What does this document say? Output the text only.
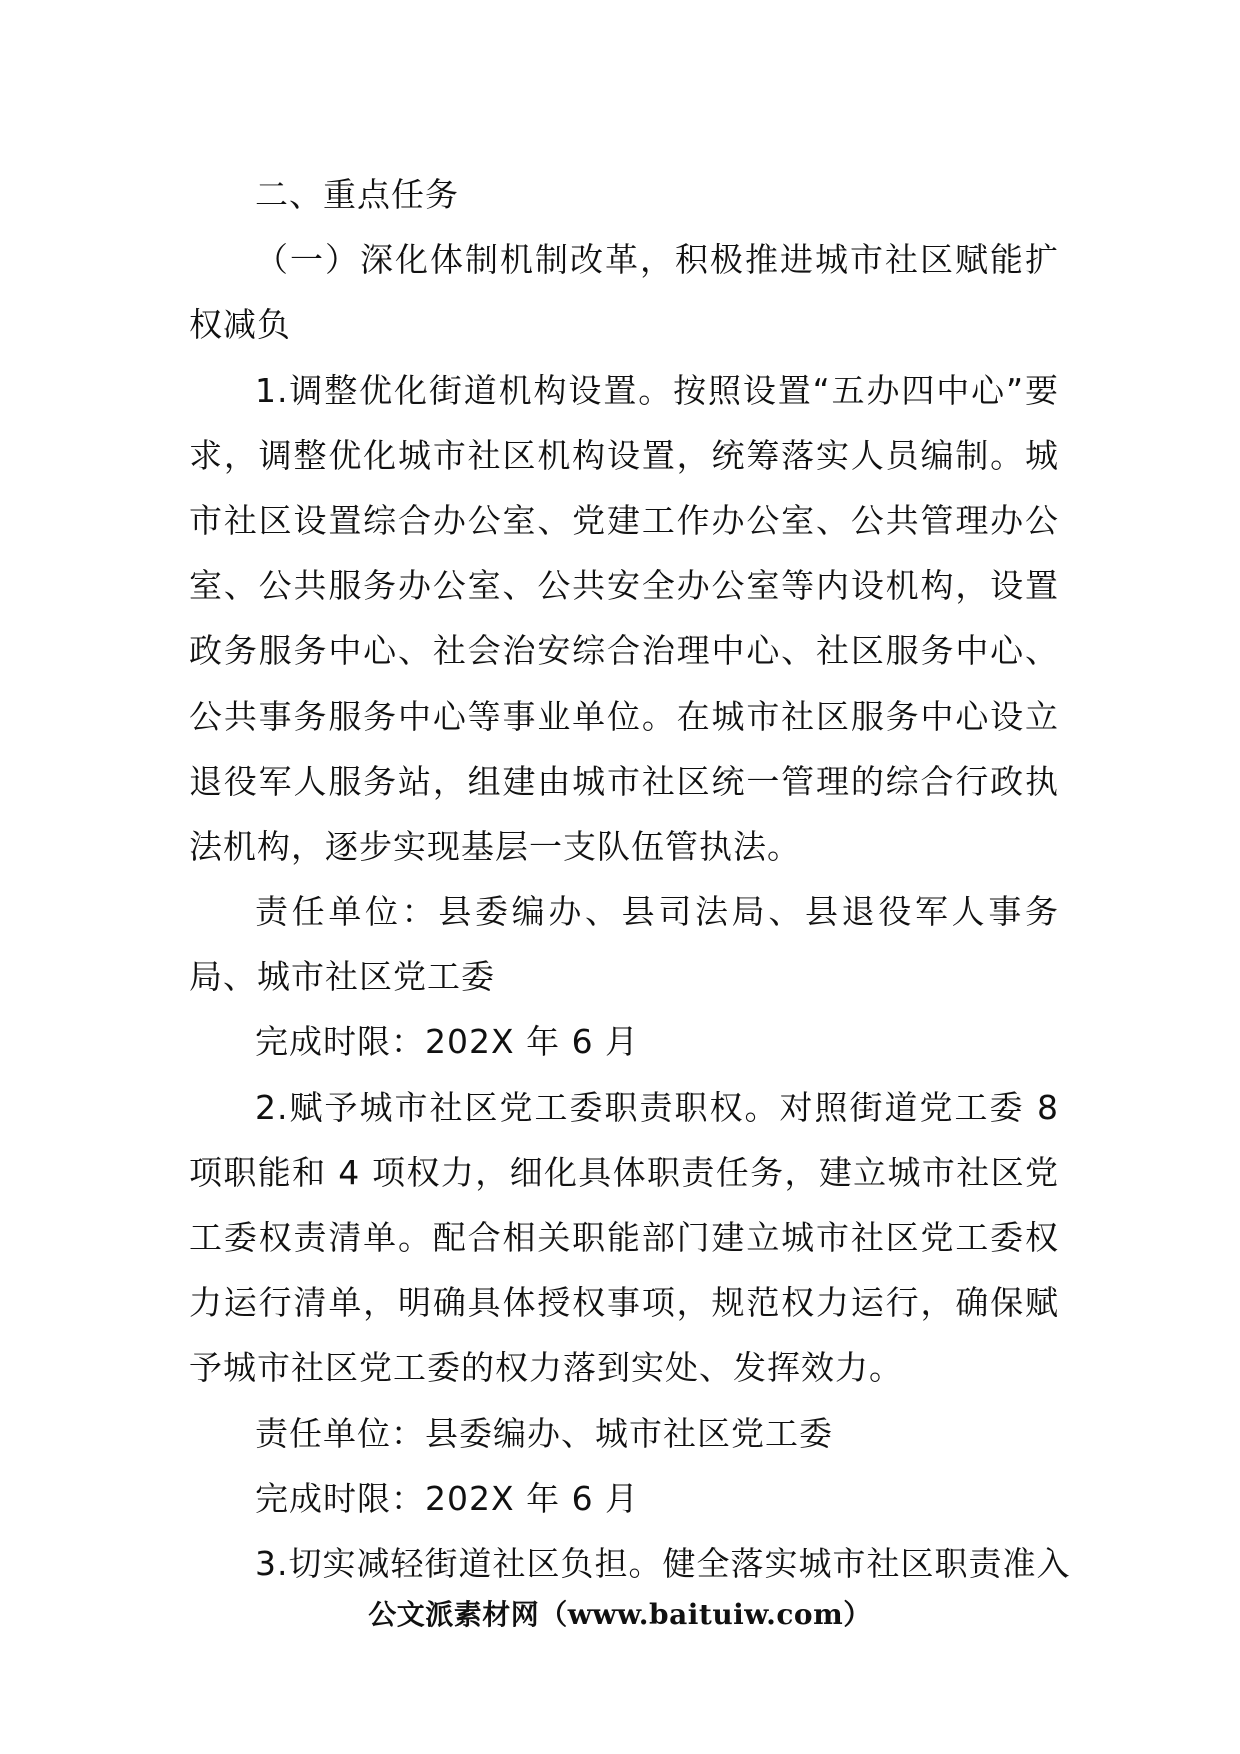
二、重点任务
（一）深化体制机制改革，积极推进城市社区赋能扩
权减负
1.调整优化街道机构设置。按照设置“五办四中心”要
求，调整优化城市社区机构设置，统筹落实人员编制。城
市社区设置综合办公室、党建工作办公室、公共管理办公
室、公共服务办公室、公共安全办公室等内设机构，设置
政务服务中心、社会治安综合治理中心、社区服务中心、
公共事务服务中心等事业单位。在城市社区服务中心设立
退役军人服务站，组建由城市社区统一管理的综合行政执
法机构，逐步实现基层一支队伍管执法。
责任单位：县委编办、县司法局、县退役军人事务
局、城市社区党工委
完成时限：202X 年 6 月
2.赋予城市社区党工委职责职权。对照街道党工委 8
项职能和 4 项权力，细化具体职责任务，建立城市社区党
工委权责清单。配合相关职能部门建立城市社区党工委权
力运行清单，明确具体授权事项，规范权力运行，确保赋
予城市社区党工委的权力落到实处、发挥效力。
责任单位：县委编办、城市社区党工委
完成时限：202X 年 6 月
3.切实减轻街道社区负担。健全落实城市社区职责准入
公文派素材网（www.baituiw.com）
